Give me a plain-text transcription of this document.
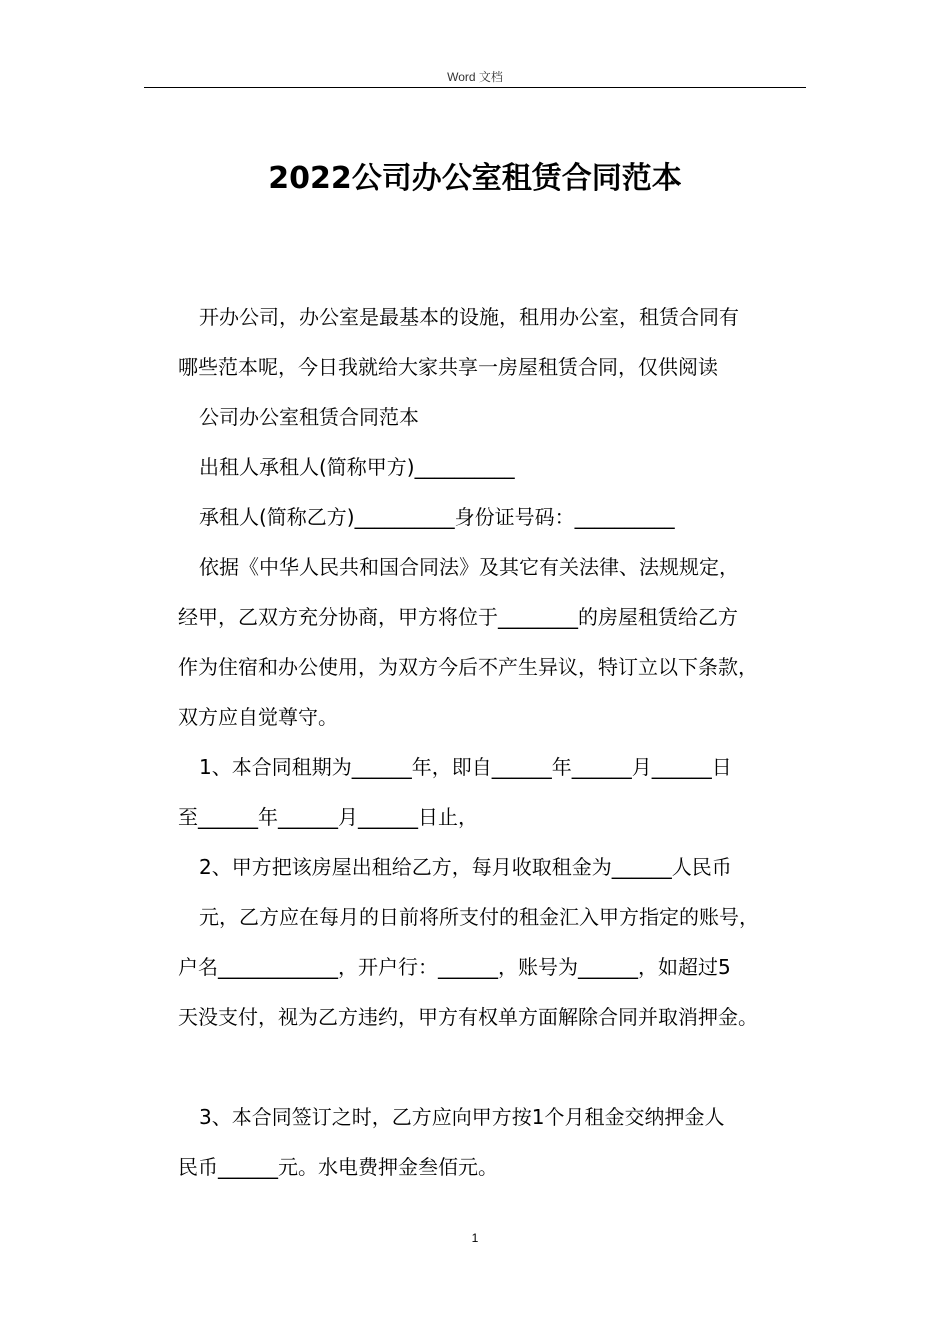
Word 文档
2022公司办公室租赁合同范本

开办公司，办公室是最基本的设施，租用办公室，租赁合同有

哪些范本呢，今日我就给大家共享一房屋租赁合同，仅供阅读

公司办公室租赁合同范本

出租人承租人(简称甲方)__________

承租人(简称乙方)__________身份证号码：__________

依据《中华人民共和国合同法》及其它有关法律、法规规定，

经甲，乙双方充分协商，甲方将位于________的房屋租赁给乙方

作为住宿和办公使用，为双方今后不产生异议，特订立以下条款，

双方应自觉尊守。

1、本合同租期为______年，即自______年______月______日

至______年______月______日止，

2、甲方把该房屋出租给乙方，每月收取租金为______人民币

元，乙方应在每月的日前将所支付的租金汇入甲方指定的账号，

户名____________，开户行：______，账号为______，如超过5

天没支付，视为乙方违约，甲方有权单方面解除合同并取消押金。

3、本合同签订之时，乙方应向甲方按1个月租金交纳押金人

民币______元。水电费押金叁佰元。

1
